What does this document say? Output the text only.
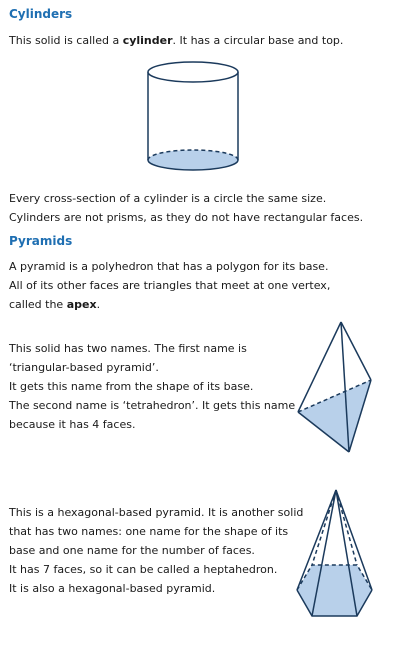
Cylinders

This solid is called a cylinder. It has a circular base and top.

Every cross-section of a cylinder is a circle the same size.
Cylinders are not prisms, as they do not have rectangular faces.

Pyramids

A pyramid is a polyhedron that has a polygon for its base.
All of its other faces are triangles that meet at one vertex,
called the apex.

This solid has two names. The first name is
‘triangular-based pyramid’.
It gets this name from the shape of its base.
The second name is ‘tetrahedron’. It gets this name
because it has 4 faces.

This is a hexagonal-based pyramid. It is another solid
that has two names: one name for the shape of its
base and one name for the number of faces.
It has 7 faces, so it can be called a heptahedron.
It is also a hexagonal-based pyramid.
